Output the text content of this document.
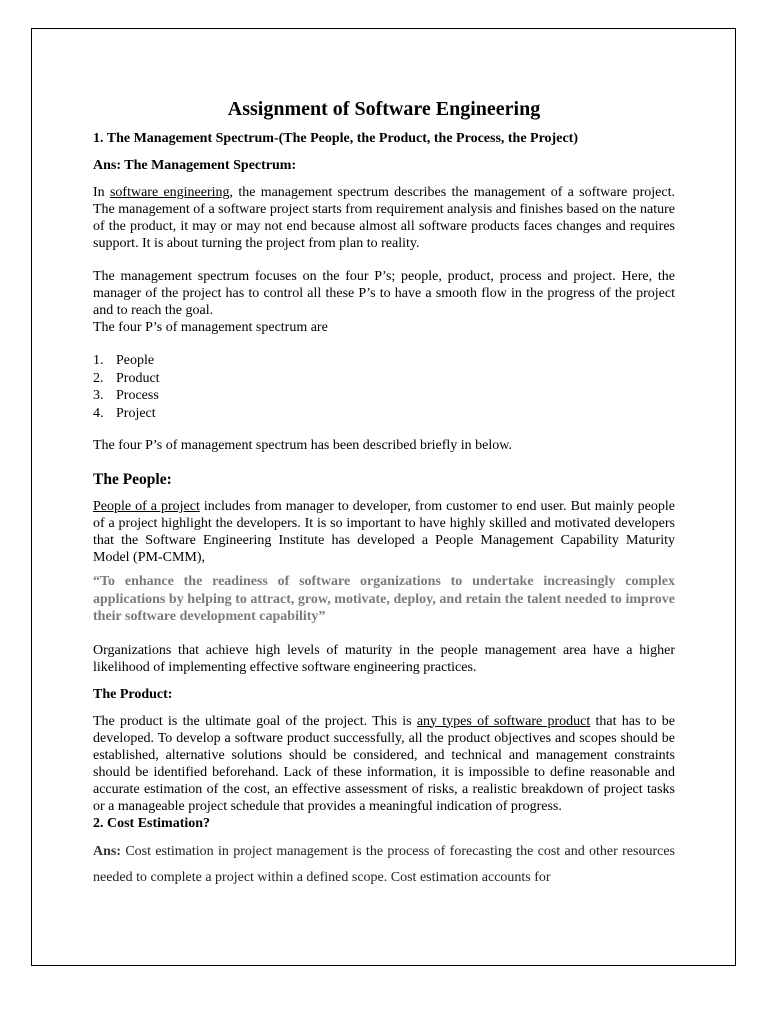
Assignment of Software Engineering
1. The Management Spectrum-(The People, the Product, the Process, the Project)
Ans: The Management Spectrum:

In software engineering, the management spectrum describes the management of a software project. The management of a software project starts from requirement analysis and finishes based on the nature of the product, it may or may not end because almost all software products faces changes and requires support. It is about turning the project from plan to reality.

The management spectrum focuses on the four P’s; people, product, process and project. Here, the manager of the project has to control all these P’s to have a smooth flow in the progress of the project and to reach the goal.

The four P’s of management spectrum are

1. People
2. Product
3. Process
4. Project

The four P’s of management spectrum has been described briefly in below.

The People:

People of a project includes from manager to developer, from customer to end user. But mainly people of a project highlight the developers. It is so important to have highly skilled and motivated developers that the Software Engineering Institute has developed a People Management Capability Maturity Model (PM-CMM),

“To enhance the readiness of software organizations to undertake increasingly complex applications by helping to attract, grow, motivate, deploy, and retain the talent needed to improve their software development capability”

Organizations that achieve high levels of maturity in the people management area have a higher likelihood of implementing effective software engineering practices.

The Product:

The product is the ultimate goal of the project. This is any types of software product that has to be developed. To develop a software product successfully, all the product objectives and scopes should be established, alternative solutions should be considered, and technical and management constraints should be identified beforehand. Lack of these information, it is impossible to define reasonable and accurate estimation of the cost, an effective assessment of risks, a realistic breakdown of project tasks or a manageable project schedule that provides a meaningful indication of progress.

2. Cost Estimation?

Ans: Cost estimation in project management is the process of forecasting the cost and other resources needed to complete a project within a defined scope. Cost estimation accounts for
